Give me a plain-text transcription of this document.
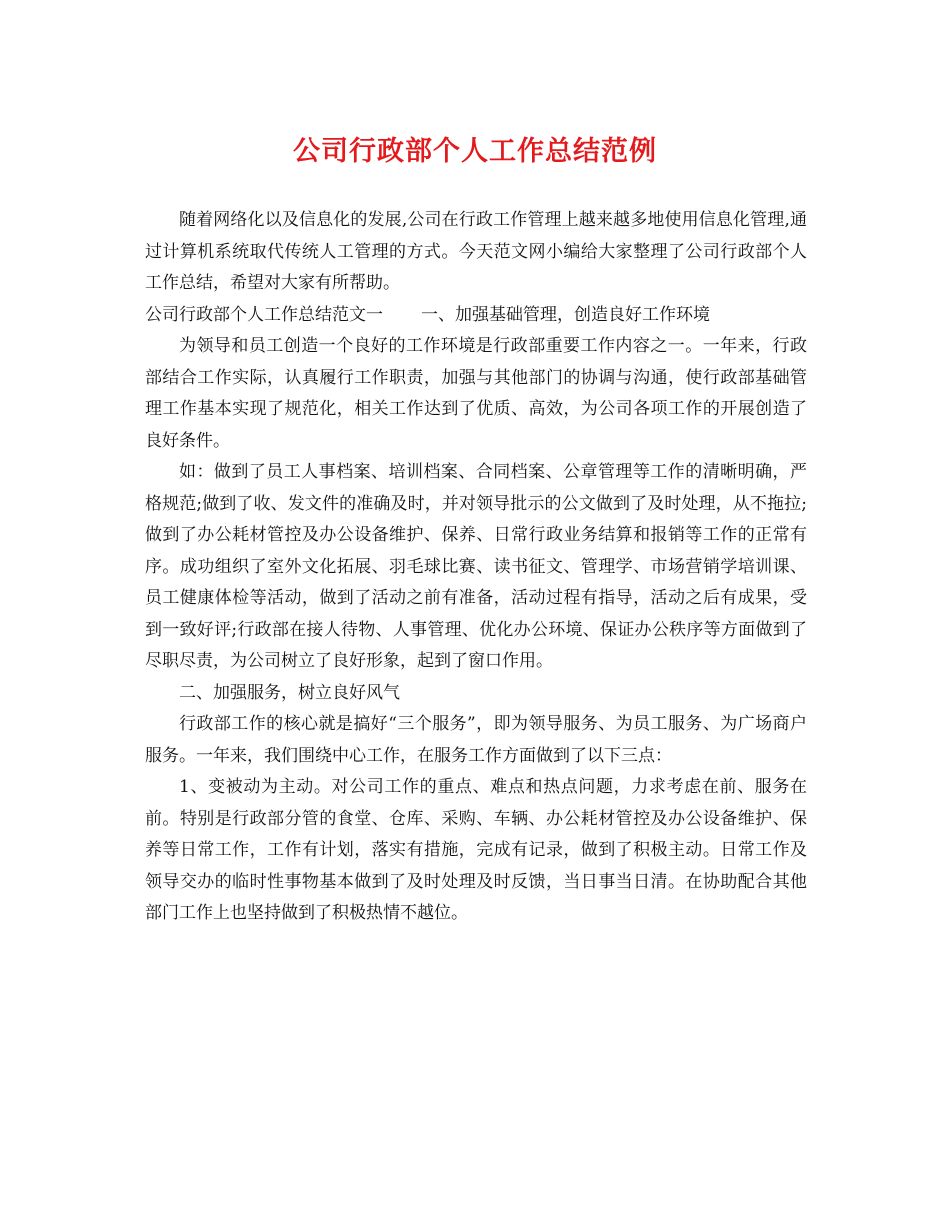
公司行政部个人工作总结范例

随着网络化以及信息化的发展,公司在行政工作管理上越来越多地使用信息化管理,通过计算机系统取代传统人工管理的方式。今天范文网小编给大家整理了公司行政部个人工作总结，希望对大家有所帮助。

公司行政部个人工作总结范文一 一、加强基础管理，创造良好工作环境

为领导和员工创造一个良好的工作环境是行政部重要工作内容之一。一年来，行政部结合工作实际，认真履行工作职责，加强与其他部门的协调与沟通，使行政部基础管理工作基本实现了规范化，相关工作达到了优质、高效，为公司各项工作的开展创造了良好条件。

如：做到了员工人事档案、培训档案、合同档案、公章管理等工作的清晰明确，严格规范;做到了收、发文件的准确及时，并对领导批示的公文做到了及时处理，从不拖拉;做到了办公耗材管控及办公设备维护、保养、日常行政业务结算和报销等工作的正常有序。成功组织了室外文化拓展、羽毛球比赛、读书征文、管理学、市场营销学培训课、员工健康体检等活动，做到了活动之前有准备，活动过程有指导，活动之后有成果，受到一致好评;行政部在接人待物、人事管理、优化办公环境、保证办公秩序等方面做到了尽职尽责，为公司树立了良好形象，起到了窗口作用。

二、加强服务，树立良好风气

行政部工作的核心就是搞好“三个服务”，即为领导服务、为员工服务、为广场商户服务。一年来，我们围绕中心工作，在服务工作方面做到了以下三点：

1、变被动为主动。对公司工作的重点、难点和热点问题，力求考虑在前、服务在前。特别是行政部分管的食堂、仓库、采购、车辆、办公耗材管控及办公设备维护、保养等日常工作，工作有计划，落实有措施，完成有记录，做到了积极主动。日常工作及领导交办的临时性事物基本做到了及时处理及时反馈，当日事当日清。在协助配合其他部门工作上也坚持做到了积极热情不越位。
